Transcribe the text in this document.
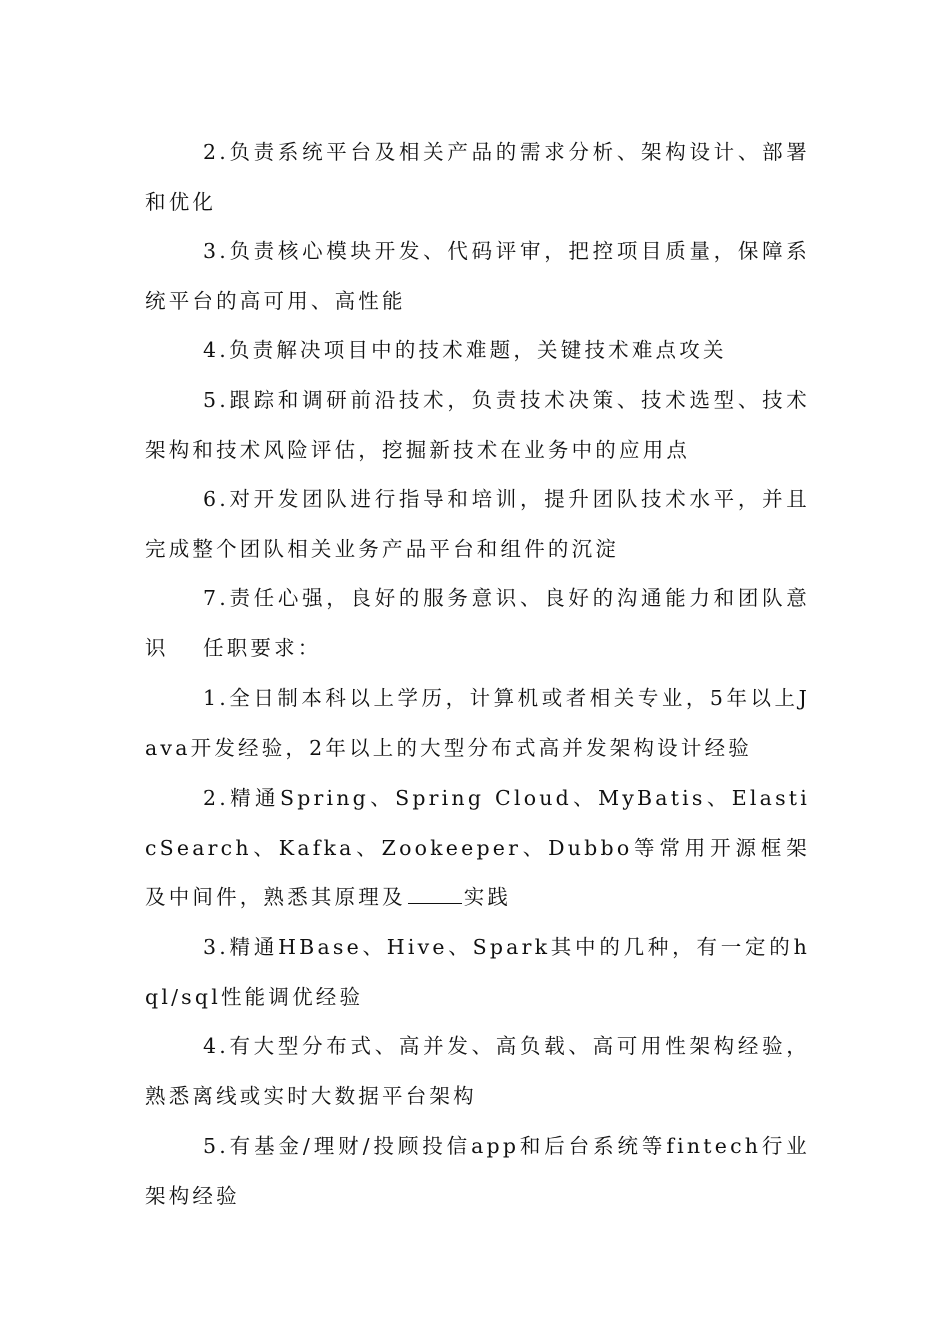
2.负责系统平台及相关产品的需求分析、架构设计、部署和优化

3.负责核心模块开发、代码评审，把控项目质量，保障系统平台的高可用、高性能

4.负责解决项目中的技术难题，关键技术难点攻关

5.跟踪和调研前沿技术，负责技术决策、技术选型、技术架构和技术风险评估，挖掘新技术在业务中的应用点

6.对开发团队进行指导和培训，提升团队技术水平，并且完成整个团队相关业务产品平台和组件的沉淀

7.责任心强，良好的服务意识、良好的沟通能力和团队意识	任职要求：

1.全日制本科以上学历，计算机或者相关专业，5年以上Java开发经验，2年以上的大型分布式高并发架构设计经验

2.精通Spring、Spring Cloud、MyBatis、ElasticSearch、Kafka、Zookeeper、Dubbo等常用开源框架及中间件，熟悉其原理及	实践

3.精通HBase、Hive、Spark其中的几种，有一定的hql/sql性能调优经验

4.有大型分布式、高并发、高负载、高可用性架构经验，熟悉离线或实时大数据平台架构

5.有基金/理财/投顾投信app和后台系统等fintech行业架构经验
